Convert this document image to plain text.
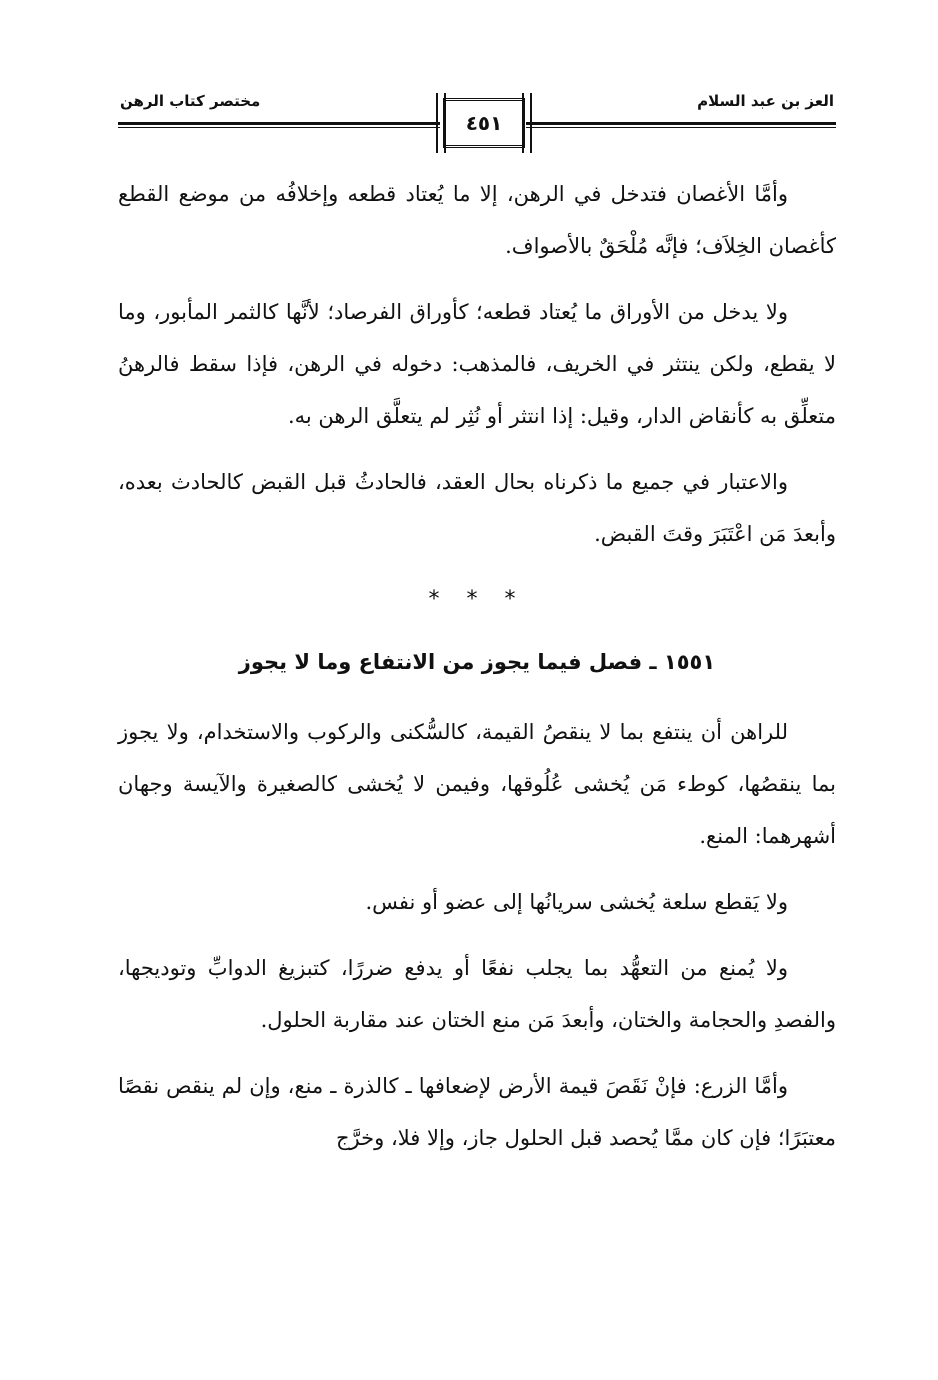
العز بن عبد السلام
٤٥١
مختصر كتاب الرهن

وأمَّا الأغصان فتدخل في الرهن، إلا ما يُعتاد قطعه وإخلافُه من موضع القطع كأغصان الخِلاَف؛ فإنَّه مُلْحَقٌ بالأصواف.

ولا يدخل من الأوراق ما يُعتاد قطعه؛ كأوراق الفرصاد؛ لأنَّها كالثمر المأبور، وما لا يقطع، ولكن ينتثر في الخريف، فالمذهب: دخوله في الرهن، فإذا سقط فالرهنُ متعلِّق به كأنقاض الدار، وقيل: إذا انتثر أو نُثِر لم يتعلَّق الرهن به.

والاعتبار في جميع ما ذكرناه بحال العقد، فالحادثُ قبل القبض كالحادث بعده، وأبعدَ مَن اعْتَبَرَ وقتَ القبض.

* * *
١٥٥١ ـ فصل فيما يجوز من الانتفاع وما لا يجوز

للراهن أن ينتفع بما لا ينقصُ القيمة، كالسُّكنى والركوب والاستخدام، ولا يجوز بما ينقصُها، كوطء مَن يُخشى عُلُوقها، وفيمن لا يُخشى كالصغيرة والآيسة وجهان أشهرهما: المنع.

ولا يَقطع سلعة يُخشى سريانُها إلى عضو أو نفس.

ولا يُمنع من التعهُّد بما يجلب نفعًا أو يدفع ضررًا، كتبزيغ الدوابِّ وتوديجها، والفصدِ والحجامة والختان، وأبعدَ مَن منع الختان عند مقاربة الحلول.

وأمَّا الزرع: فإنْ نَقَصَ قيمة الأرض لإضعافها ـ كالذرة ـ منع، وإن لم ينقص نقصًا معتبَرًا؛ فإن كان ممَّا يُحصد قبل الحلول جاز، وإلا فلا، وخرَّج
